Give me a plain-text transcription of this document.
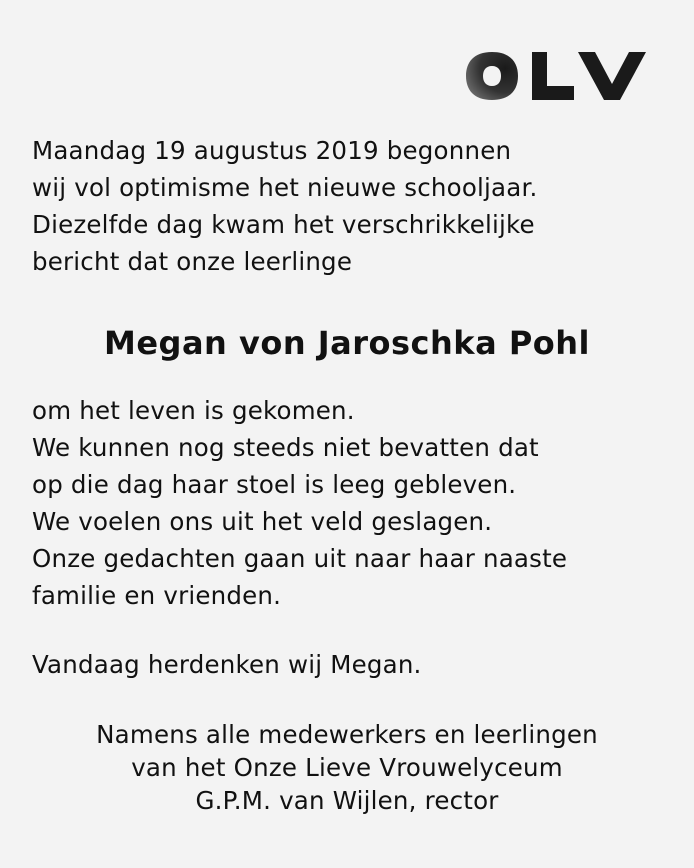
Maandag 19 augustus 2019 begonnen
wij vol optimisme het nieuwe schooljaar.
Diezelfde dag kwam het verschrikkelijke
bericht dat onze leerlinge
Megan von Jaroschka Pohl
om het leven is gekomen.
We kunnen nog steeds niet bevatten dat
op die dag haar stoel is leeg gebleven.
We voelen ons uit het veld geslagen.
Onze gedachten gaan uit naar haar naaste
familie en vrienden.
Vandaag herdenken wij Megan.
Namens alle medewerkers en leerlingen
van het Onze Lieve Vrouwelyceum
G.P.M. van Wijlen, rector
